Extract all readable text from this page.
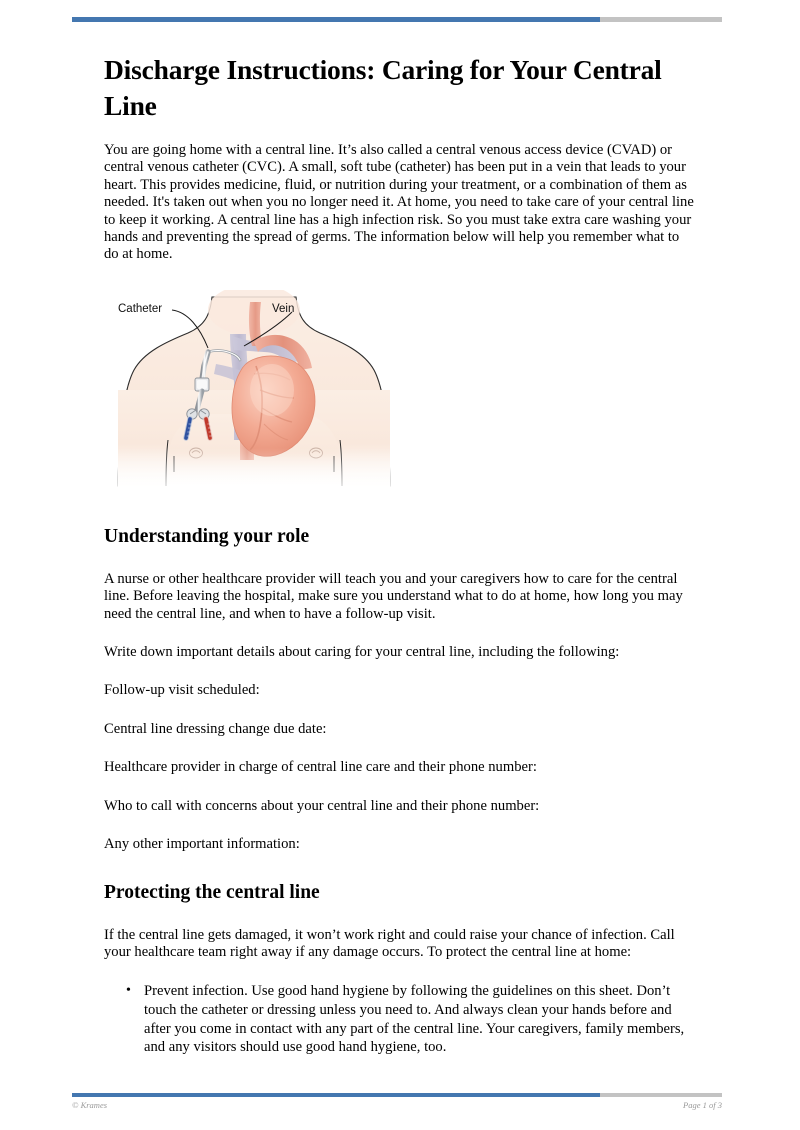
Discharge Instructions: Caring for Your Central Line

You are going home with a central line. It’s also called a central venous access device (CVAD) or central venous catheter (CVC). A small, soft tube (catheter) has been put in a vein that leads to your heart. This provides medicine, fluid, or nutrition during your treatment, or a combination of them as needed. It's taken out when you no longer need it. At home, you need to take care of your central line to keep it working. A central line has a high infection risk. So you must take extra care washing your hands and preventing the spread of germs. The information below will help you remember what to do at home.

Catheter	Vein
Understanding your role

A nurse or other healthcare provider will teach you and your caregivers how to care for the central line. Before leaving the hospital, make sure you understand what to do at home, how long you may need the central line, and when to have a follow-up visit.

Write down important details about caring for your central line, including the following:

Follow-up visit scheduled:

Central line dressing change due date:

Healthcare provider in charge of central line care and their phone number:

Who to call with concerns about your central line and their phone number:

Any other important information:

Protecting the central line

If the central line gets damaged, it won’t work right and could raise your chance of infection. Call your healthcare team right away if any damage occurs. To protect the central line at home:

• Prevent infection. Use good hand hygiene by following the guidelines on this sheet. Don’t touch the catheter or dressing unless you need to. And always clean your hands before and after you come in contact with any part of the central line. Your caregivers, family members, and any visitors should use good hand hygiene, too.
© Krames	Page 1 of 3
